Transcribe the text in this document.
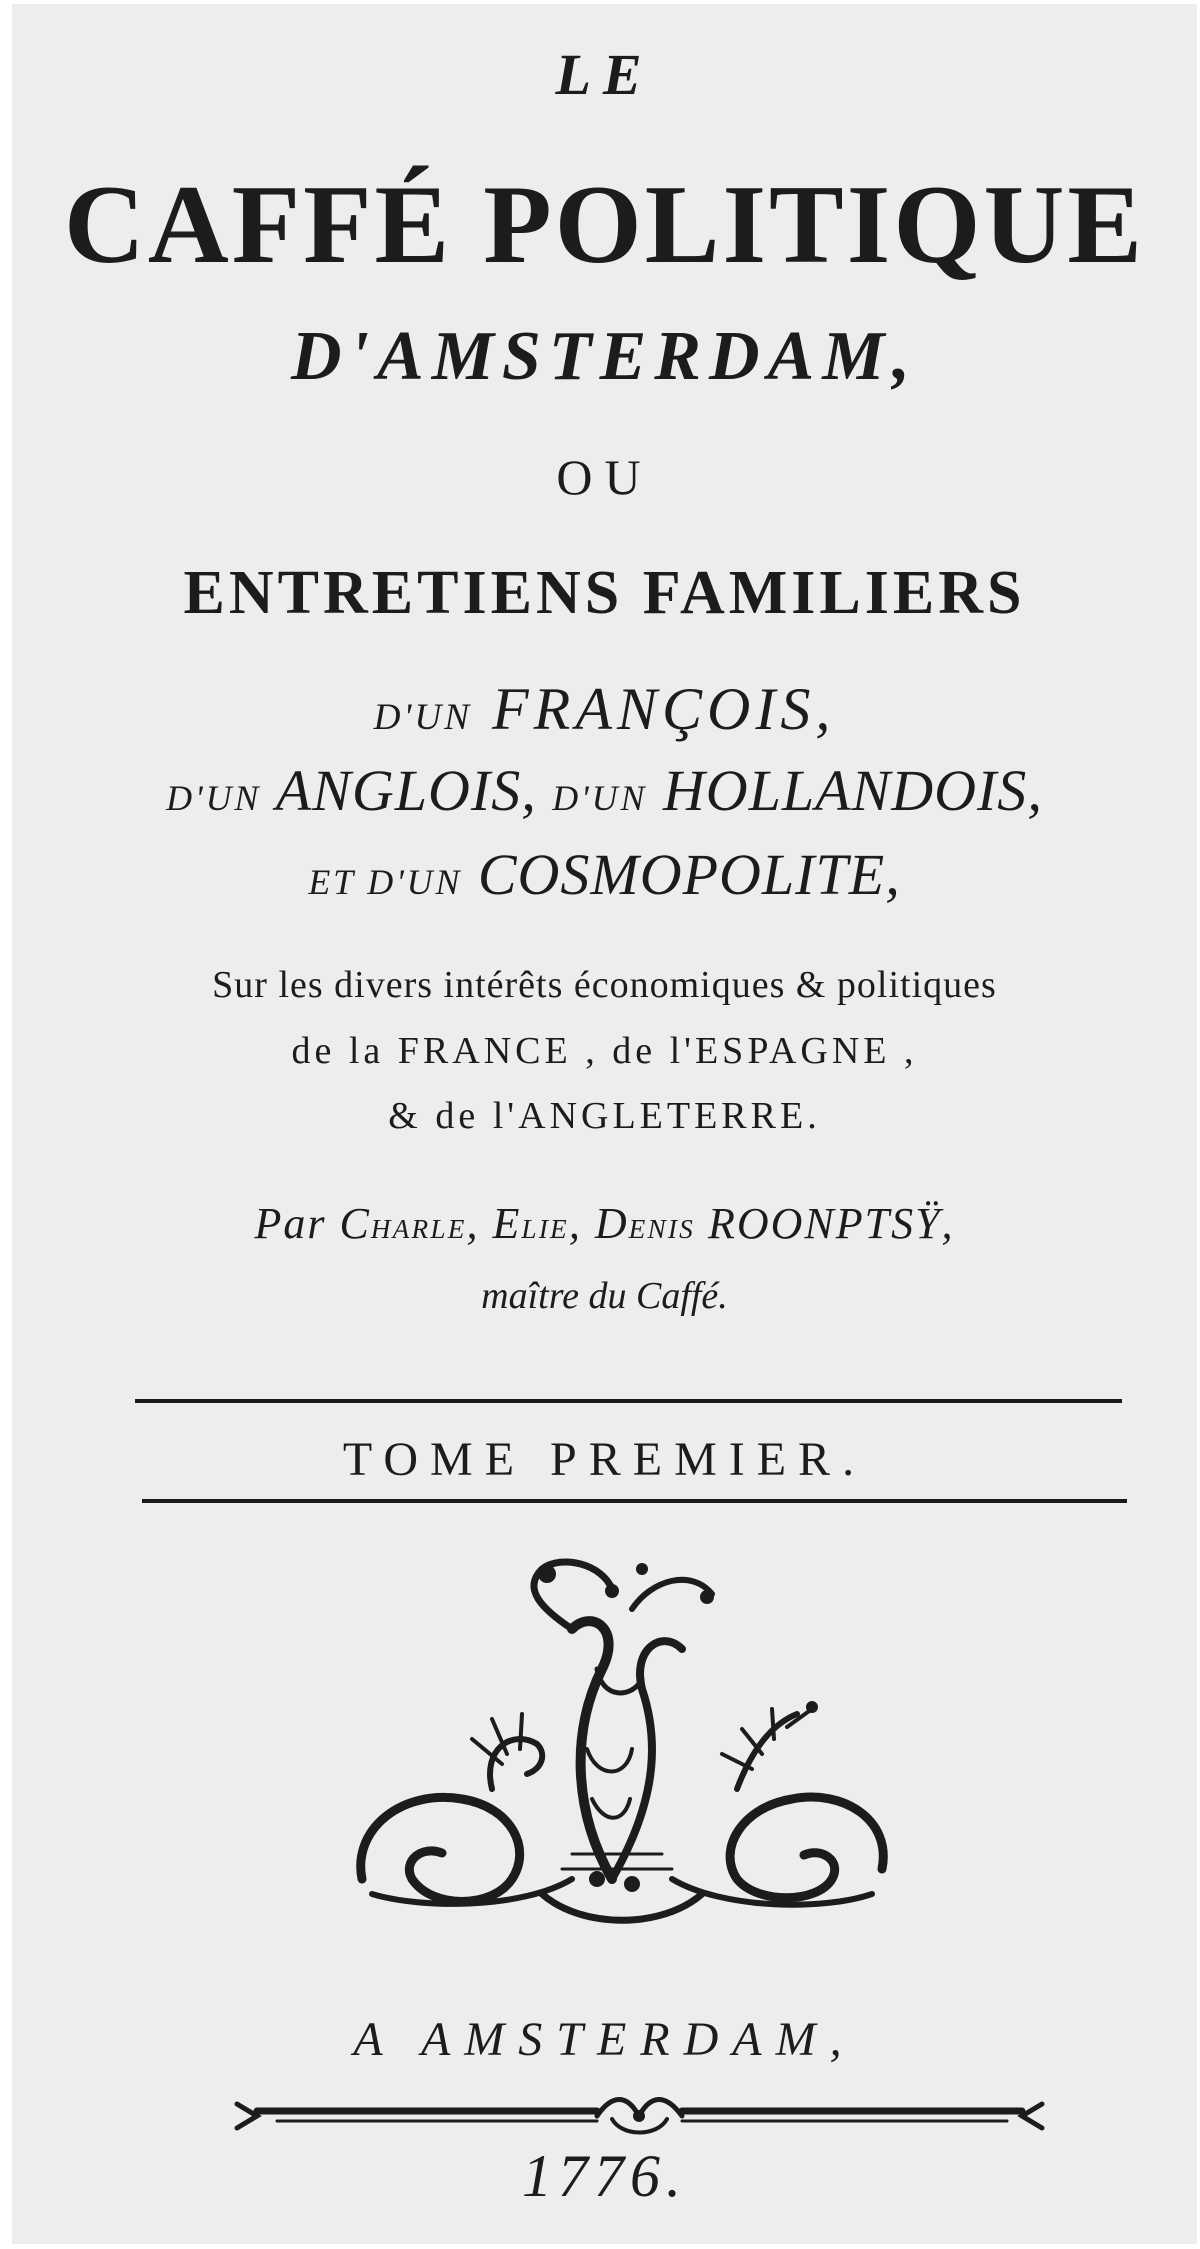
LE
CAFFÉ POLITIQUE
D'AMSTERDAM,
OU
ENTRETIENS FAMILIERS
D'UN FRANÇOIS,
D'UN ANGLOIS, D'UN HOLLANDOIS,
ET D'UN COSMOPOLITE,
Sur les divers intérêts économiques & politiques
de la FRANCE , de l'ESPAGNE ,
& de l'ANGLETERRE.
Par CHARLE, ELIE, DENIS ROONPTSŸ,
maître du Caffé.
TOME PREMIER.
A AMSTERDAM,
1776.
